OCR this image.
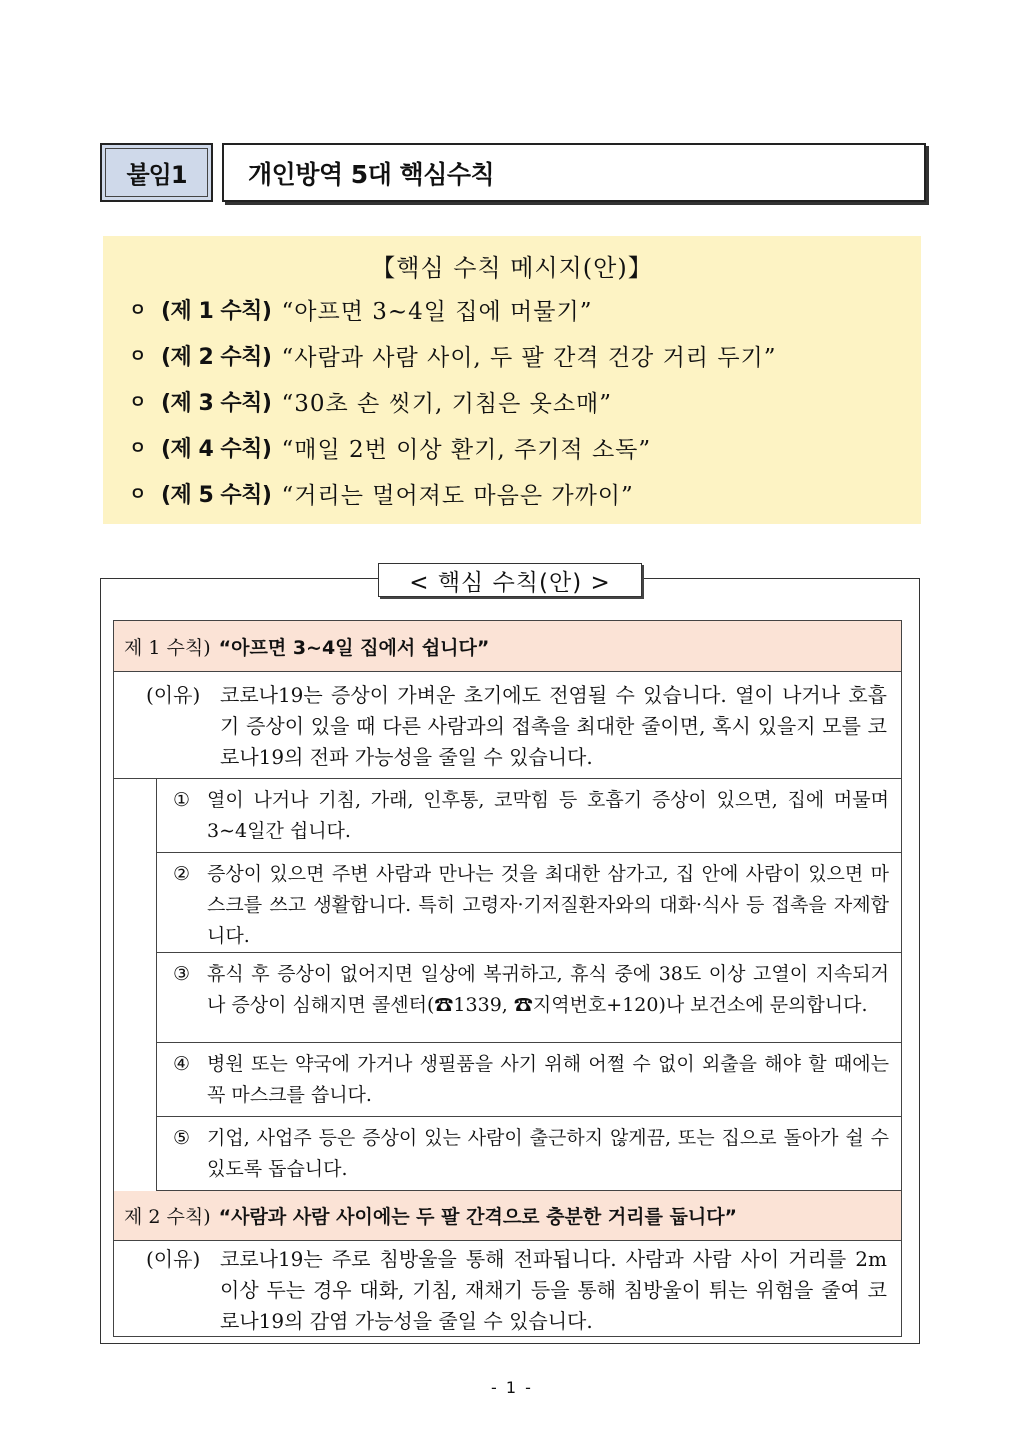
붙임1	개인방역 5대 핵심수칙
【핵심 수칙 메시지(안)】
ㅇ (제 1 수칙) “아프면 3∼4일 집에 머물기”
ㅇ (제 2 수칙) “사람과 사람 사이, 두 팔 간격 건강 거리 두기”
ㅇ (제 3 수칙) “30초 손 씻기, 기침은 옷소매”
ㅇ (제 4 수칙) “매일 2번 이상 환기, 주기적 소독”
ㅇ (제 5 수칙) “거리는 멀어져도 마음은 가까이”
< 핵심 수칙(안) >
제 1 수칙) “아프면 3~4일 집에서 쉽니다”
(이유) 코로나19는 증상이 가벼운 초기에도 전염될 수 있습니다. 열이 나거나 호흡기 증상이 있을 때 다른 사람과의 접촉을 최대한 줄이면, 혹시 있을지 모를 코로나19의 전파 가능성을 줄일 수 있습니다.
① 열이 나거나 기침, 가래, 인후통, 코막힘 등 호흡기 증상이 있으면, 집에 머물며 3∼4일간 쉽니다.
② 증상이 있으면 주변 사람과 만나는 것을 최대한 삼가고, 집 안에 사람이 있으면 마스크를 쓰고 생활합니다. 특히 고령자·기저질환자와의 대화·식사 등 접촉을 자제합니다.
③ 휴식 후 증상이 없어지면 일상에 복귀하고, 휴식 중에 38도 이상 고열이 지속되거나 증상이 심해지면 콜센터(☎1339, ☎지역번호+120)나 보건소에 문의합니다.
④ 병원 또는 약국에 가거나 생필품을 사기 위해 어쩔 수 없이 외출을 해야 할 때에는 꼭 마스크를 씁니다.
⑤ 기업, 사업주 등은 증상이 있는 사람이 출근하지 않게끔, 또는 집으로 돌아가 쉴 수 있도록 돕습니다.
제 2 수칙) “사람과 사람 사이에는 두 팔 간격으로 충분한 거리를 둡니다”
(이유) 코로나19는 주로 침방울을 통해 전파됩니다. 사람과 사람 사이 거리를 2m 이상 두는 경우 대화, 기침, 재채기 등을 통해 침방울이 튀는 위험을 줄여 코로나19의 감염 가능성을 줄일 수 있습니다.
- 1 -
